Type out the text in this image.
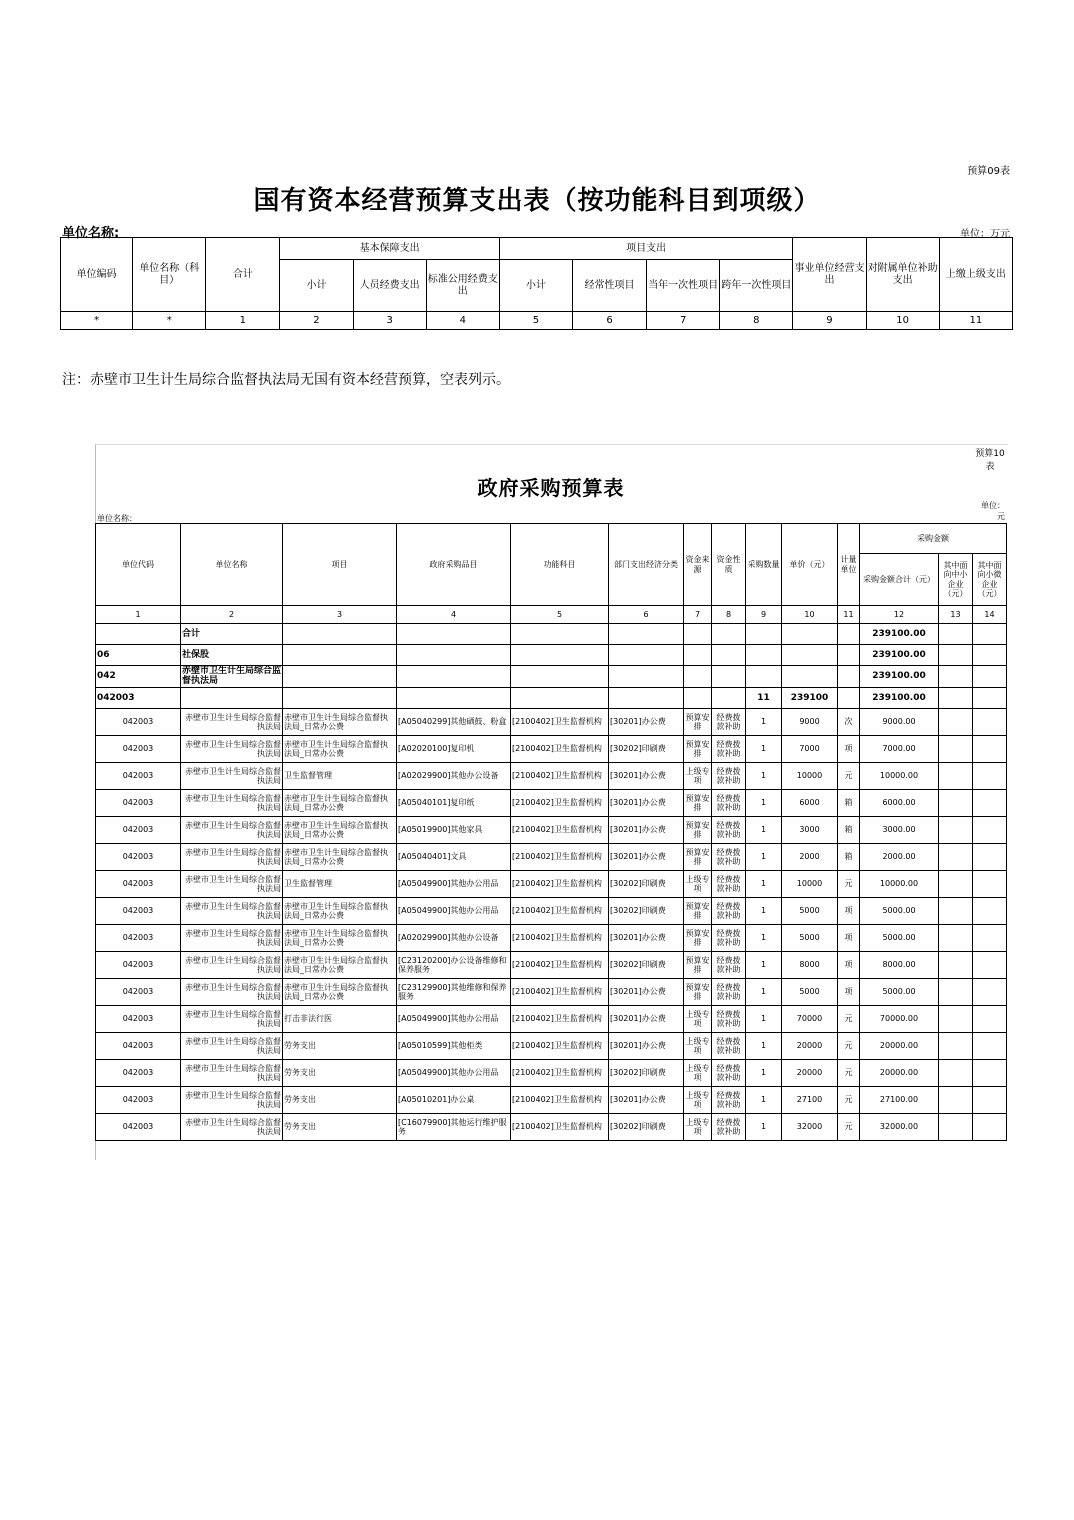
预算09表
国有资本经营预算支出表（按功能科目到项级）
单位名称:	单位：万元
单位编码	单位名称（科目）	合计	基本保障支出			项目支出				事业单位经营支出	对附属单位补助支出	上缴上级支出
			小计	人员经费支出	标准公用经费支出	小计	经常性项目	当年一次性项目	跨年一次性项目			
*	*	1	2	3	4	5	6	7	8	9	10	11
注：赤壁市卫生计生局综合监督执法局无国有资本经营预算，空表列示。
预算10表
政府采购预算表
单位：元
单位名称：
单位代码	单位名称	项目	政府采购品目	功能科目	部门支出经济分类	资金来源	资金性质	采购数量	单价（元）	计量单位	采购金额		
											采购金额合计（元）	其中面向中小企业（元）	其中面向小微企业（元）
1	2	3	4	5	6	7	8	9	10	11	12	13	14
	合计										239100.00		
06	社保股										239100.00		
042	赤壁市卫生计生局综合监督执法局										239100.00		
042003								11	239100		239100.00		
042003	赤壁市卫生计生局综合监督执法局	赤壁市卫生计生局综合监督执法局_日常办公费	[A05040299]其他硒鼓、粉盒	[2100402]卫生监督机构	[30201]办公费	预算安排	经费拨款补助	1	9000	次	9000.00		
042003	赤壁市卫生计生局综合监督执法局	赤壁市卫生计生局综合监督执法局_日常办公费	[A02020100]复印机	[2100402]卫生监督机构	[30202]印刷费	预算安排	经费拨款补助	1	7000	项	7000.00		
042003	赤壁市卫生计生局综合监督执法局	卫生监督管理	[A02029900]其他办公设备	[2100402]卫生监督机构	[30201]办公费	上级专项	经费拨款补助	1	10000	元	10000.00		
042003	赤壁市卫生计生局综合监督执法局	赤壁市卫生计生局综合监督执法局_日常办公费	[A05040101]复印纸	[2100402]卫生监督机构	[30201]办公费	预算安排	经费拨款补助	1	6000	箱	6000.00		
042003	赤壁市卫生计生局综合监督执法局	赤壁市卫生计生局综合监督执法局_日常办公费	[A05019900]其他家具	[2100402]卫生监督机构	[30201]办公费	预算安排	经费拨款补助	1	3000	箱	3000.00		
042003	赤壁市卫生计生局综合监督执法局	赤壁市卫生计生局综合监督执法局_日常办公费	[A05040401]文具	[2100402]卫生监督机构	[30201]办公费	预算安排	经费拨款补助	1	2000	箱	2000.00		
042003	赤壁市卫生计生局综合监督执法局	卫生监督管理	[A05049900]其他办公用品	[2100402]卫生监督机构	[30202]印刷费	上级专项	经费拨款补助	1	10000	元	10000.00		
042003	赤壁市卫生计生局综合监督执法局	赤壁市卫生计生局综合监督执法局_日常办公费	[A05049900]其他办公用品	[2100402]卫生监督机构	[30202]印刷费	预算安排	经费拨款补助	1	5000	项	5000.00		
042003	赤壁市卫生计生局综合监督执法局	赤壁市卫生计生局综合监督执法局_日常办公费	[A02029900]其他办公设备	[2100402]卫生监督机构	[30201]办公费	预算安排	经费拨款补助	1	5000	项	5000.00		
042003	赤壁市卫生计生局综合监督执法局	赤壁市卫生计生局综合监督执法局_日常办公费	[C23120200]办公设备维修和保养服务	[2100402]卫生监督机构	[30202]印刷费	预算安排	经费拨款补助	1	8000	项	8000.00		
042003	赤壁市卫生计生局综合监督执法局	赤壁市卫生计生局综合监督执法局_日常办公费	[C23129900]其他维修和保养服务	[2100402]卫生监督机构	[30201]办公费	预算安排	经费拨款补助	1	5000	项	5000.00		
042003	赤壁市卫生计生局综合监督执法局	打击非法行医	[A05049900]其他办公用品	[2100402]卫生监督机构	[30201]办公费	上级专项	经费拨款补助	1	70000	元	70000.00		
042003	赤壁市卫生计生局综合监督执法局	劳务支出	[A05010599]其他柜类	[2100402]卫生监督机构	[30201]办公费	上级专项	经费拨款补助	1	20000	元	20000.00		
042003	赤壁市卫生计生局综合监督执法局	劳务支出	[A05049900]其他办公用品	[2100402]卫生监督机构	[30202]印刷费	上级专项	经费拨款补助	1	20000	元	20000.00		
042003	赤壁市卫生计生局综合监督执法局	劳务支出	[A05010201]办公桌	[2100402]卫生监督机构	[30201]办公费	上级专项	经费拨款补助	1	27100	元	27100.00		
042003	赤壁市卫生计生局综合监督执法局	劳务支出	[C16079900]其他运行维护服务	[2100402]卫生监督机构	[30202]印刷费	上级专项	经费拨款补助	1	32000	元	32000.00		
